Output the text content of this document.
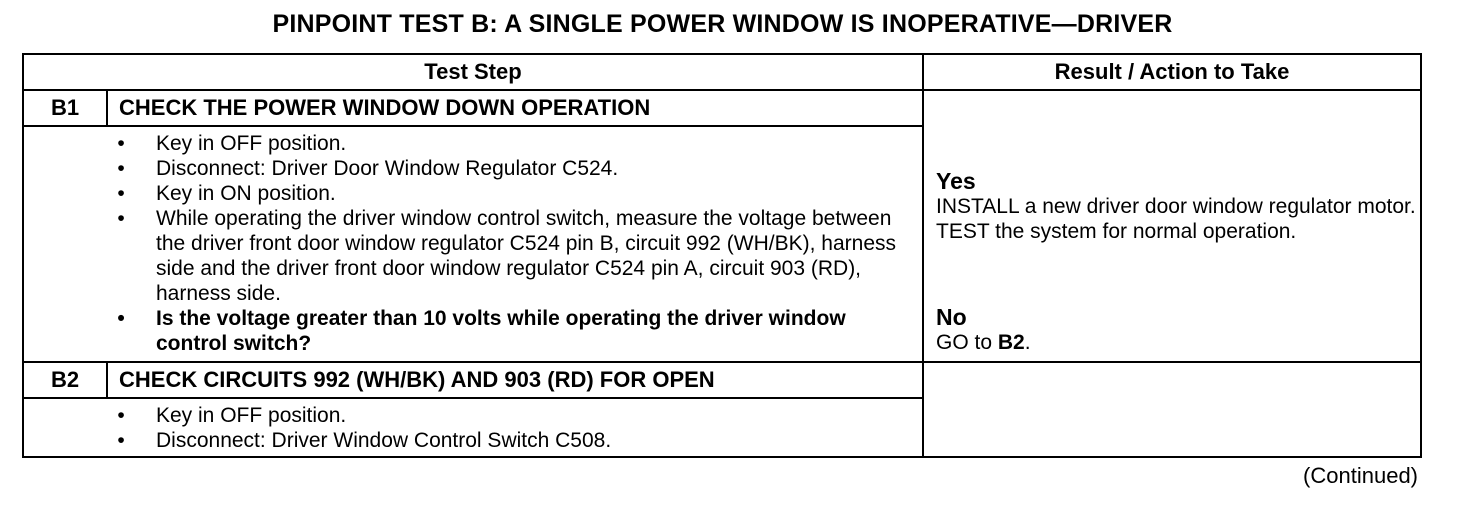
PINPOINT TEST B: A SINGLE POWER WINDOW IS INOPERATIVE—DRIVER
Test Step	Result / Action to Take
B1	CHECK THE POWER WINDOW DOWN OPERATION
• Key in OFF position.
• Disconnect: Driver Door Window Regulator C524.
• Key in ON position.
• While operating the driver window control switch, measure the voltage between the driver front door window regulator C524 pin B, circuit 992 (WH/BK), harness side and the driver front door window regulator C524 pin A, circuit 903 (RD), harness side.
• Is the voltage greater than 10 volts while operating the driver window control switch?
Yes
INSTALL a new driver door window regulator motor. TEST the system for normal operation.
No
GO to B2.
B2	CHECK CIRCUITS 992 (WH/BK) AND 903 (RD) FOR OPEN
• Key in OFF position.
• Disconnect: Driver Window Control Switch C508.
(Continued)
